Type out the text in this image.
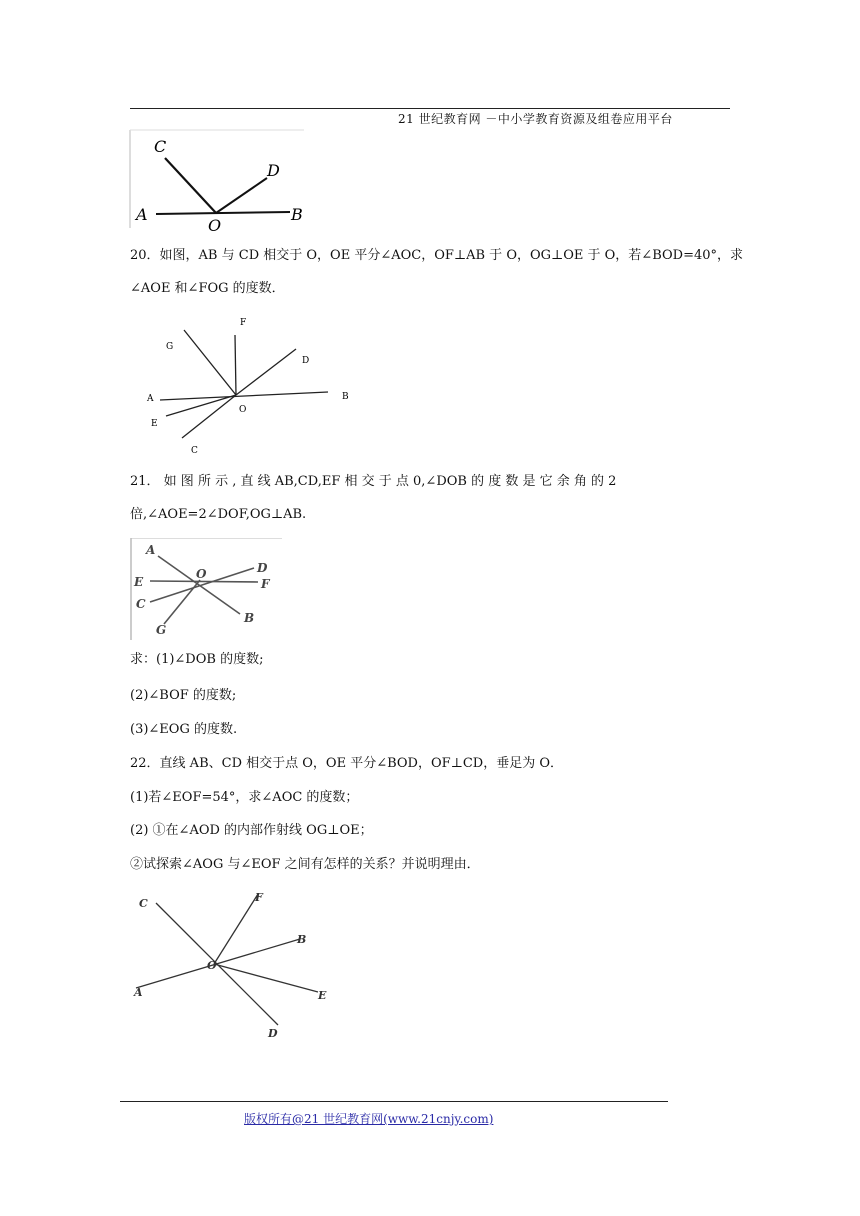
21 世纪教育网 －中小学教育资源及组卷应用平台
C
D
A
O
B
20．如图，AB 与 CD 相交于 O，OE 平分∠AOC，OF⊥AB 于 O，OG⊥OE 于 O，若∠BOD=40°，求
∠AOE 和∠FOG 的度数．
F
G
D
A
O
B
E
C
21． 如 图 所 示 , 直 线 AB,CD,EF 相 交 于 点 0,∠DOB 的 度 数 是 它 余 角 的 2
倍,∠AOE=2∠DOF,OG⊥AB.
A
D
E
O
F
C
G
B
求：(1)∠DOB 的度数;
(2)∠BOF 的度数;
(3)∠EOG 的度数.
22．直线 AB、CD 相交于点 O，OE 平分∠BOD，OF⊥CD，垂足为 O．
(1)若∠EOF=54°，求∠AOC 的度数；
(2) ①在∠AOD 的内部作射线 OG⊥OE；
②试探索∠AOG 与∠EOF 之间有怎样的关系？并说明理由．
C	F
B
O
A	E
D
版权所有@21 世纪教育网(www.21cnjy.com)
